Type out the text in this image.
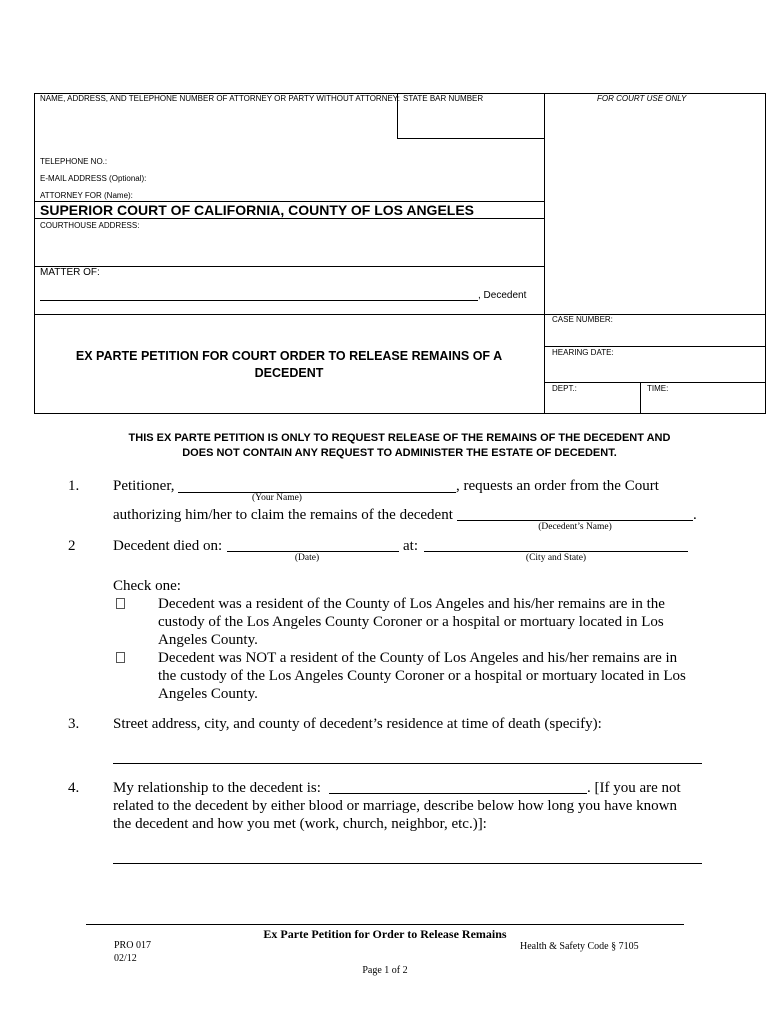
NAME, ADDRESS, AND TELEPHONE NUMBER OF ATTORNEY OR PARTY WITHOUT ATTORNEY: STATE BAR NUMBER	FOR COURT USE ONLY
TELEPHONE NO.:
E-MAIL ADDRESS (Optional):
ATTORNEY FOR (Name):
SUPERIOR COURT OF CALIFORNIA, COUNTY OF LOS ANGELES
COURTHOUSE ADDRESS:
MATTER OF:
, Decedent
EX PARTE PETITION FOR COURT ORDER TO RELEASE REMAINS OF A
DECEDENT
CASE NUMBER:
HEARING DATE:
DEPT.:	TIME:
THIS EX PARTE PETITION IS ONLY TO REQUEST RELEASE OF THE REMAINS OF THE DECEDENT AND
DOES NOT CONTAIN ANY REQUEST TO ADMINISTER THE ESTATE OF DECEDENT.
1. Petitioner,	, requests an order from the Court
(Your Name)
authorizing him/her to claim the remains of the decedent	.
(Decedent’s Name)
2	Decedent died on:	at:
(Date)	(City and State)
Check one:
Decedent was a resident of the County of Los Angeles and his/her remains are in the
custody of the Los Angeles County Coroner or a hospital or mortuary located in Los
Angeles County.
Decedent was NOT a resident of the County of Los Angeles and his/her remains are in
the custody of the Los Angeles County Coroner or a hospital or mortuary located in Los
Angeles County.
3. Street address, city, and county of decedent’s residence at time of death (specify):
4. My relationship to the decedent is:	. [If you are not
related to the decedent by either blood or marriage, describe below how long you have known
the decedent and how you met (work, church, neighbor, etc.)]:
Ex Parte Petition for Order to Release Remains
PRO 017
02/12
Health & Safety Code § 7105
Page 1 of 2
